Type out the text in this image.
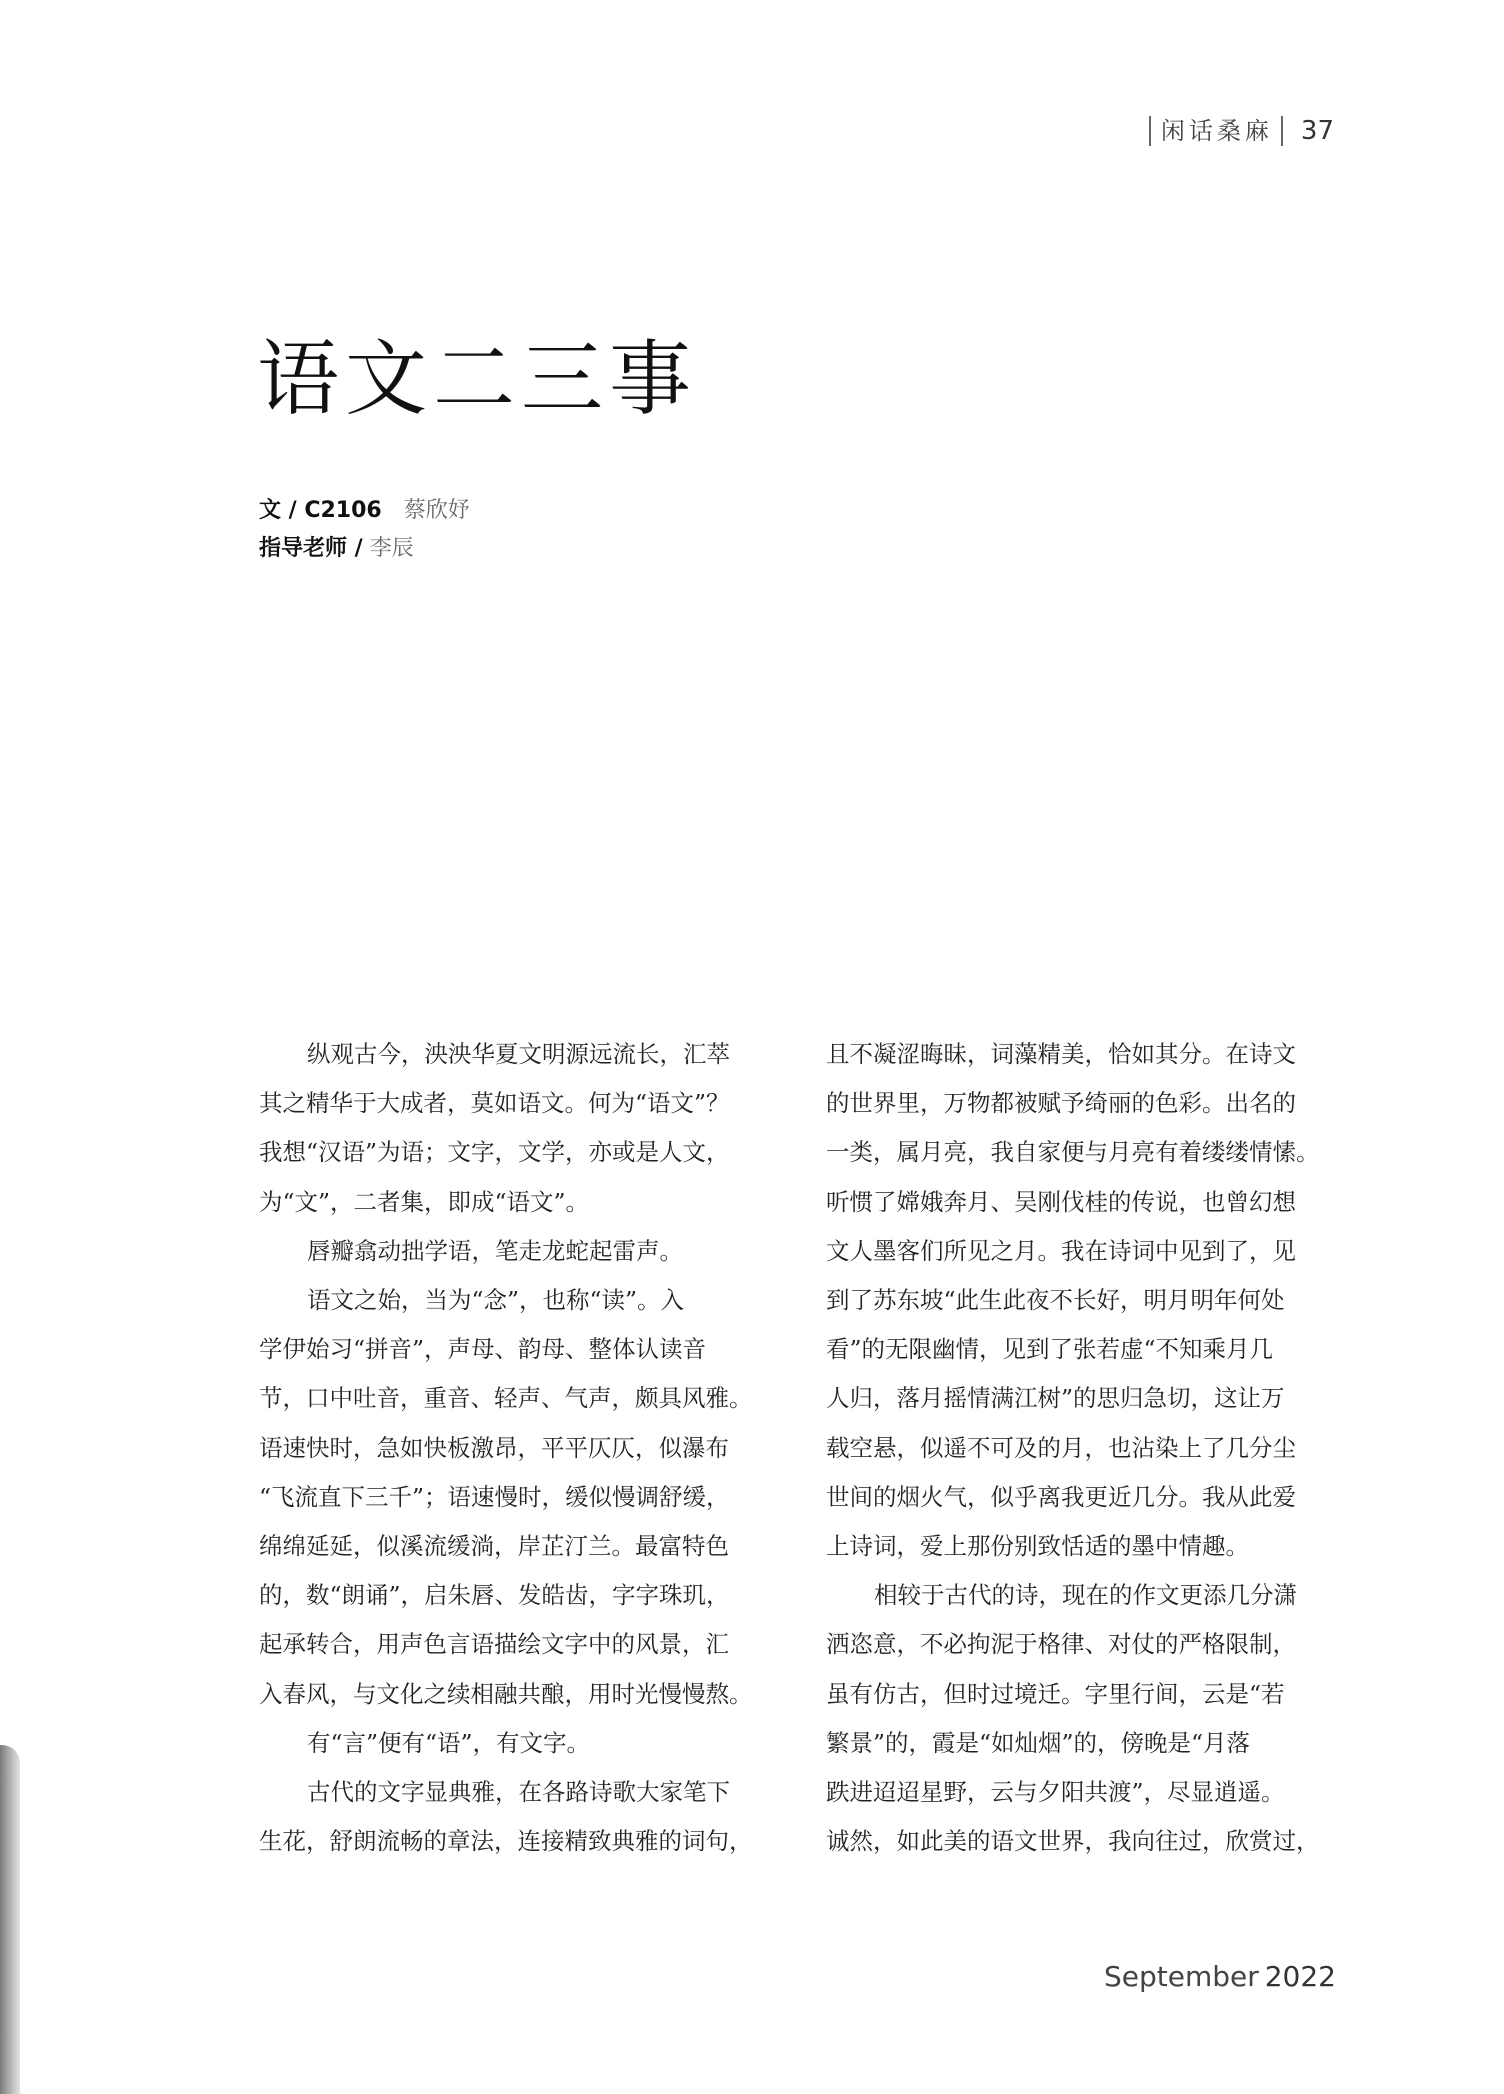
闲话桑麻	37
语文二三事
文 / C2106 蔡欣妤
指导老师 / 李辰

纵观古今，泱泱华夏文明源远流长，汇萃

其之精华于大成者，莫如语文。何为“语文”？

我想“汉语”为语；文字，文学，亦或是人文，

为“文”，二者集，即成“语文”。

唇瓣翕动拙学语，笔走龙蛇起雷声。

语文之始，当为“念”，也称“读”。入

学伊始习“拼音”，声母、韵母、整体认读音

节，口中吐音，重音、轻声、气声，颇具风雅。

语速快时，急如快板激昂，平平仄仄，似瀑布

“飞流直下三千”；语速慢时，缓似慢调舒缓，

绵绵延延，似溪流缓淌，岸芷汀兰。最富特色

的，数“朗诵”，启朱唇、发皓齿，字字珠玑，

起承转合，用声色言语描绘文字中的风景，汇

入春风，与文化之续相融共酿，用时光慢慢熬。

有“言”便有“语”，有文字。

古代的文字显典雅，在各路诗歌大家笔下

生花，舒朗流畅的章法，连接精致典雅的词句，

且不凝涩晦昧，词藻精美，恰如其分。在诗文

的世界里，万物都被赋予绮丽的色彩。出名的

一类，属月亮，我自家便与月亮有着缕缕情愫。

听惯了嫦娥奔月、吴刚伐桂的传说，也曾幻想

文人墨客们所见之月。我在诗词中见到了，见

到了苏东坡“此生此夜不长好，明月明年何处

看”的无限幽情，见到了张若虚“不知乘月几

人归，落月摇情满江树”的思归急切，这让万

载空悬，似遥不可及的月，也沾染上了几分尘

世间的烟火气，似乎离我更近几分。我从此爱

上诗词，爱上那份别致恬适的墨中情趣。

相较于古代的诗，现在的作文更添几分潇

洒恣意，不必拘泥于格律、对仗的严格限制，

虽有仿古，但时过境迁。字里行间，云是“若

繁景”的，霞是“如灿烟”的，傍晚是“月落

跌进迢迢星野，云与夕阳共渡”，尽显逍遥。

诚然，如此美的语文世界，我向往过，欣赏过，

September 2022
